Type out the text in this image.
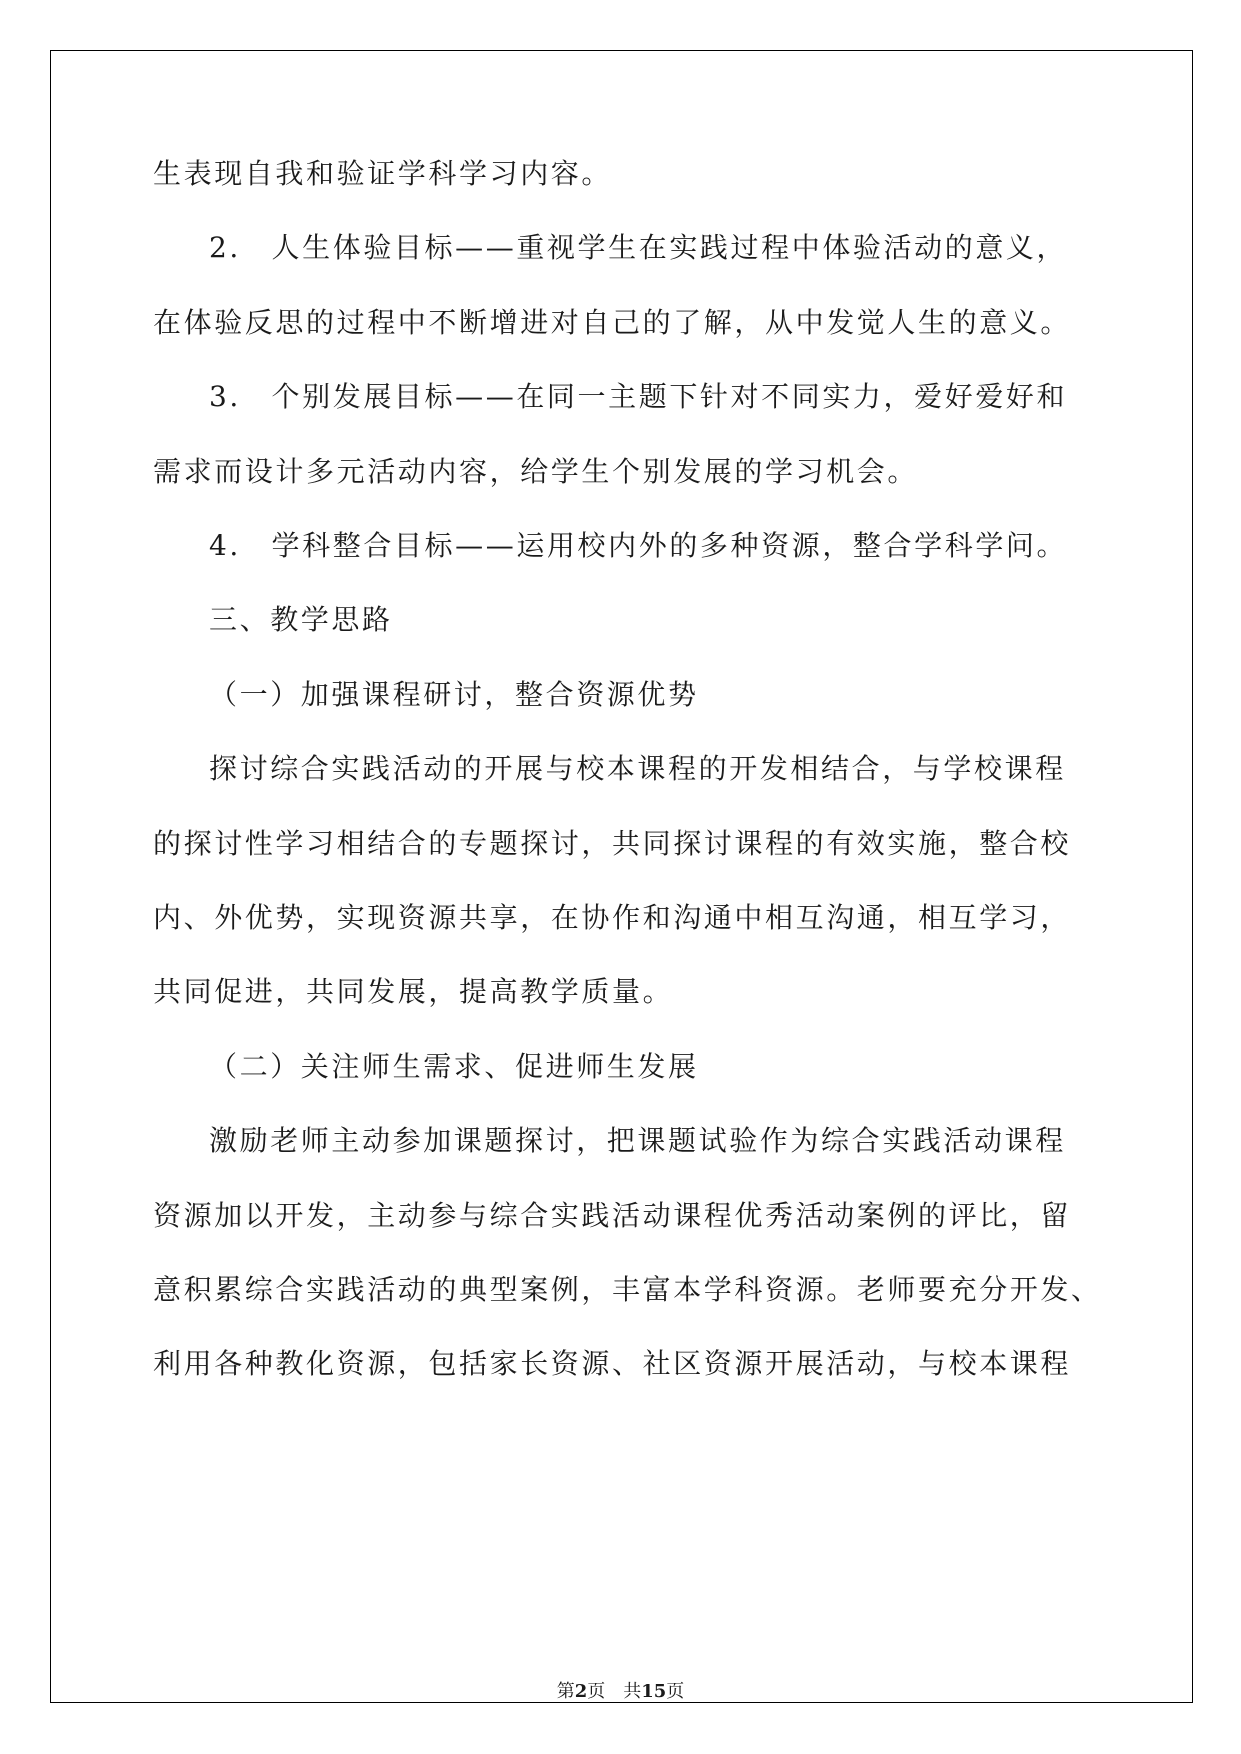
生表现自我和验证学科学习内容。
2.　人生体验目标——重视学生在实践过程中体验活动的意义，
在体验反思的过程中不断增进对自己的了解，从中发觉人生的意义。
3.　个别发展目标——在同一主题下针对不同实力，爱好爱好和
需求而设计多元活动内容，给学生个别发展的学习机会。
4.　学科整合目标——运用校内外的多种资源，整合学科学问。
三、教学思路
（一）加强课程研讨，整合资源优势
探讨综合实践活动的开展与校本课程的开发相结合，与学校课程
的探讨性学习相结合的专题探讨，共同探讨课程的有效实施，整合校
内、外优势，实现资源共享，在协作和沟通中相互沟通，相互学习，
共同促进，共同发展，提高教学质量。
（二）关注师生需求、促进师生发展
激励老师主动参加课题探讨，把课题试验作为综合实践活动课程
资源加以开发，主动参与综合实践活动课程优秀活动案例的评比，留
意积累综合实践活动的典型案例，丰富本学科资源。老师要充分开发、
利用各种教化资源，包括家长资源、社区资源开展活动，与校本课程
第2页　共15页
